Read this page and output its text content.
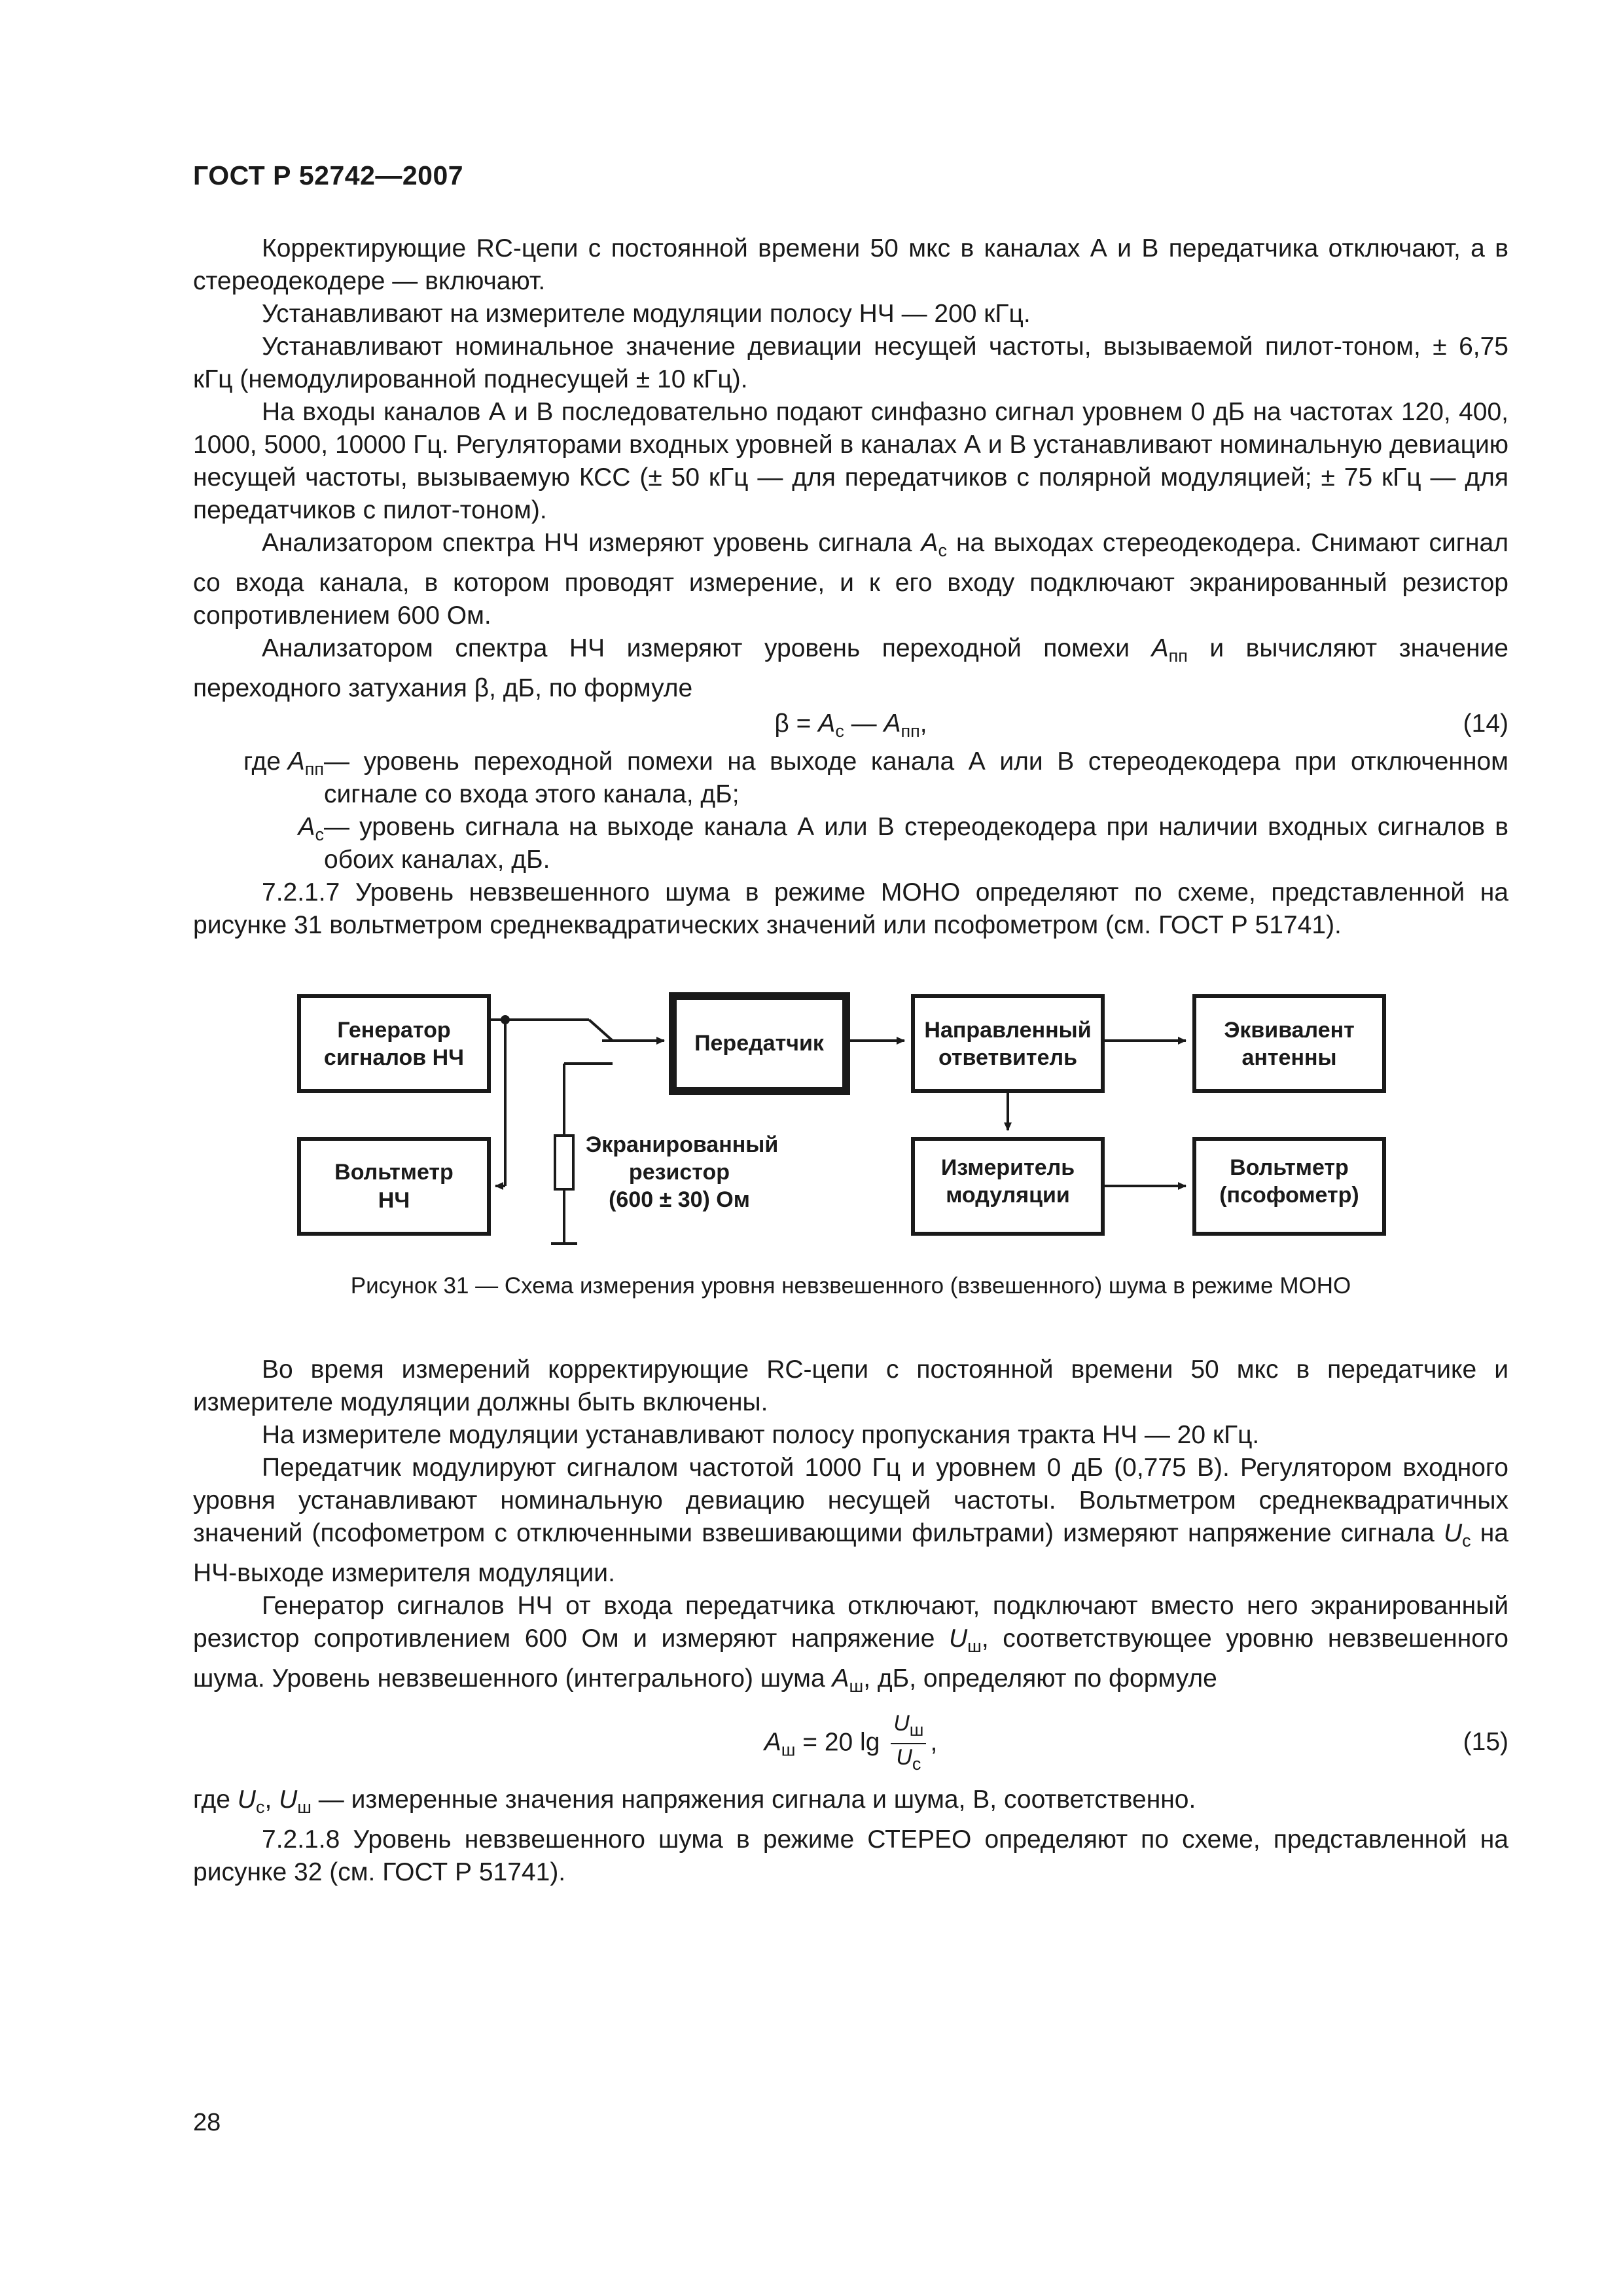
ГОСТ Р 52742—2007

Корректирующие RC-цепи с постоянной времени 50 мкс в каналах А и В передатчика отключают, а в стереодекодере — включают.

Устанавливают на измерителе модуляции полосу НЧ — 200 кГц.

Устанавливают номинальное значение девиации несущей частоты, вызываемой пилот-тоном, ± 6,75 кГц (немодулированной поднесущей ± 10 кГц).

На входы каналов А и В последовательно подают синфазно сигнал уровнем 0 дБ на частотах 120, 400, 1000, 5000, 10000 Гц. Регуляторами входных уровней в каналах А и В устанавливают номинальную девиацию несущей частоты, вызываемую КСС (± 50 кГц — для передатчиков с полярной модуляцией; ± 75 кГц — для передатчиков с пилот-тоном).

Анализатором спектра НЧ измеряют уровень сигнала $А_с$ на выходах стереодекодера. Снимают сигнал со входа канала, в котором проводят измерение, и к его входу подключают экранированный резистор сопротивлением 600 Ом.

Анализатором спектра НЧ измеряют уровень переходной помехи $А_{пп}$ и вычисляют значение переходного затухания β, дБ, по формуле

$\beta = А_с$ — $А_{пп}$,	(14)

где $А_{пп}$ — уровень переходной помехи на выходе канала А или В стереодекодера при отключенном сигнале со входа этого канала, дБ;

$А_с$ — уровень сигнала на выходе канала А или В стереодекодера при наличии входных сигналов в обоих каналах, дБ.

7.2.1.7 Уровень невзвешенного шума в режиме МОНО определяют по схеме, представленной на рисунке 31 вольтметром среднеквадратических значений или псофометром (см. ГОСТ Р 51741).

Генератор
сигналов НЧ
Передатчик
Направленный
ответвитель
Эквивалент
антенны
Вольтметр
НЧ
Экранированный
резистор
(600 ± 30) Ом
Измеритель
модуляции
Вольтметр
(псофометр)
Рисунок 31 — Схема измерения уровня невзвешенного (взвешенного) шума в режиме МОНО

Во время измерений корректирующие RC-цепи с постоянной времени 50 мкс в передатчике и измерителе модуляции должны быть включены.

На измерителе модуляции устанавливают полосу пропускания тракта НЧ — 20 кГц.

Передатчик модулируют сигналом частотой 1000 Гц и уровнем 0 дБ (0,775 В). Регулятором входного уровня устанавливают номинальную девиацию несущей частоты. Вольтметром среднеквадратичных значений (псофометром с отключенными взвешивающими фильтрами) измеряют напряжение сигнала $U_с$ на НЧ-выходе измерителя модуляции.

Генератор сигналов НЧ от входа передатчика отключают, подключают вместо него экранированный резистор сопротивлением 600 Ом и измеряют напряжение $U_ш$, соответствующее уровню невзвешенного шума. Уровень невзвешенного (интегрального) шума $А_ш$, дБ, определяют по формуле

$А_ш = 20$ $\lg \frac{U_ш}{U_с}$ ,	(15)

где $U_с$, $U_ш$ — измеренные значения напряжения сигнала и шума, В, соответственно.

7.2.1.8 Уровень невзвешенного шума в режиме СТЕРЕО определяют по схеме, представленной на рисунке 32 (см. ГОСТ Р 51741).

28
